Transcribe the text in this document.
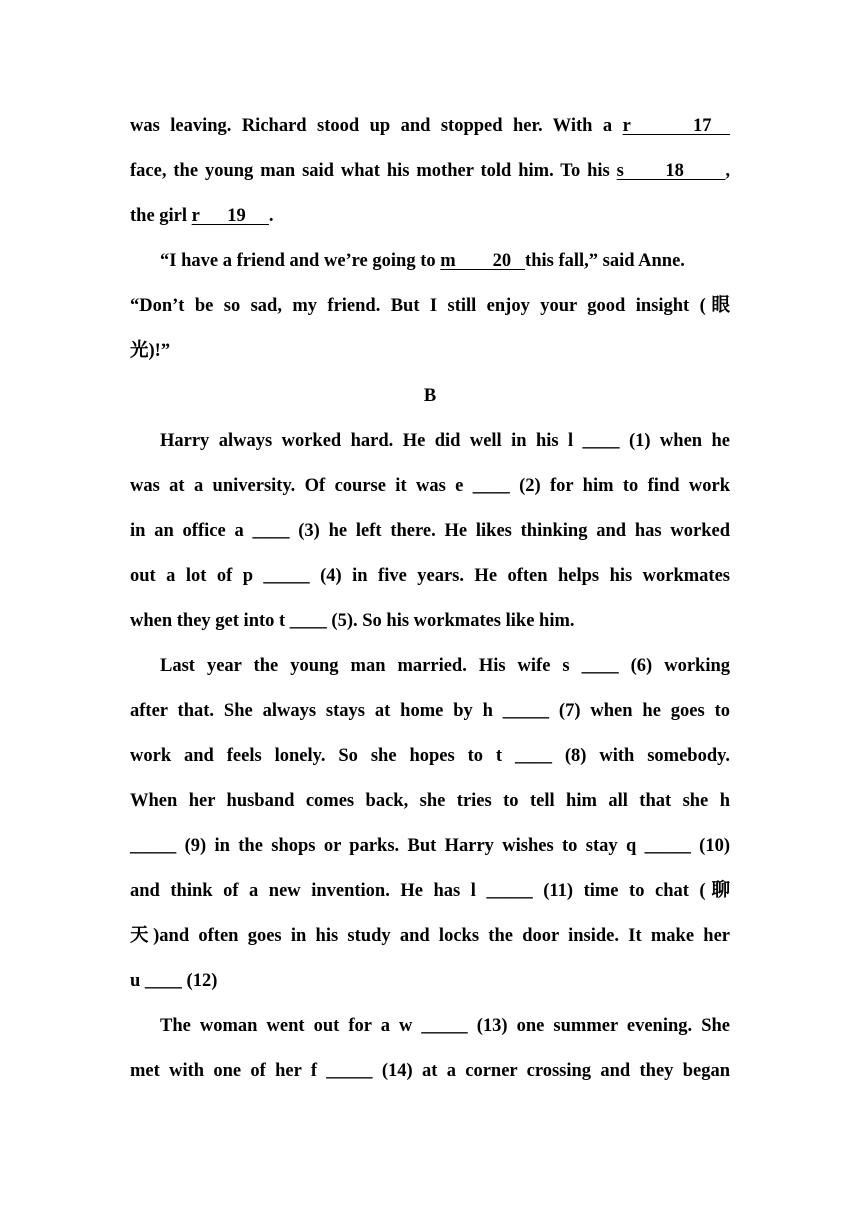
was leaving. Richard stood up and stopped her. With a r      17
face, the young man said what his mother told him. To his s      18      ,
the girl r      19     .
“I have a friend and we’re going to m        20   this fall,” said Anne.
“Don’t be so sad, my friend. But I still enjoy your good insight (眼
光)!”
B
Harry always worked hard. He did well in his l ____ (1) when he
was at a university. Of course it was e ____ (2) for him to find work
in an office a ____ (3) he left there. He likes thinking and has worked
out a lot of p _____ (4) in five years. He often helps his workmates
when they get into t ____ (5). So his workmates like him.
Last year the young man married. His wife s ____ (6) working
after that. She always stays at home by h _____ (7) when he goes to
work and feels lonely. So she hopes to t ____ (8) with somebody.
When her husband comes back, she tries to tell him all that she h
_____ (9) in the shops or parks. But Harry wishes to stay q _____ (10)
and think of a new invention. He has l _____ (11) time to chat (聊
天)and often goes in his study and locks the door inside. It make her
u ____ (12)
The woman went out for a w _____ (13) one summer evening. She
met with one of her f _____ (14) at a corner crossing and they began
